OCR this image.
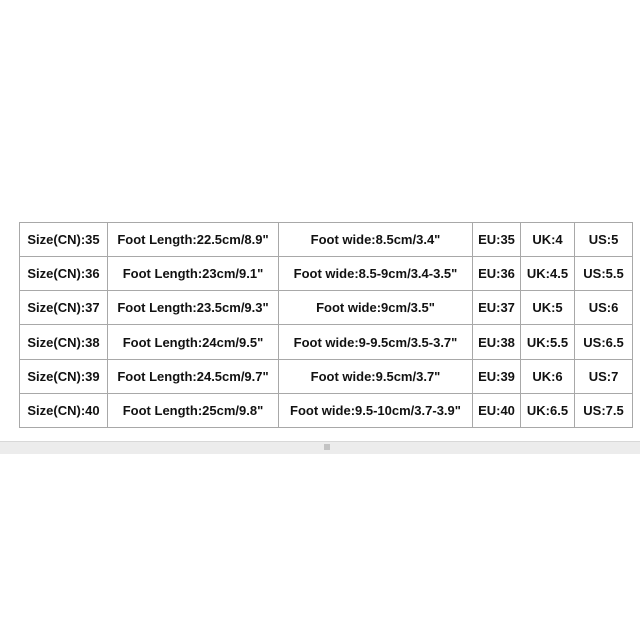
Size(CN):35	Foot Length:22.5cm/8.9"	Foot wide:8.5cm/3.4"	EU:35	UK:4	US:5
Size(CN):36	Foot Length:23cm/9.1"	Foot wide:8.5-9cm/3.4-3.5"	EU:36	UK:4.5	US:5.5
Size(CN):37	Foot Length:23.5cm/9.3"	Foot wide:9cm/3.5"	EU:37	UK:5	US:6
Size(CN):38	Foot Length:24cm/9.5"	Foot wide:9-9.5cm/3.5-3.7"	EU:38	UK:5.5	US:6.5
Size(CN):39	Foot Length:24.5cm/9.7"	Foot wide:9.5cm/3.7"	EU:39	UK:6	US:7
Size(CN):40	Foot Length:25cm/9.8"	Foot wide:9.5-10cm/3.7-3.9"	EU:40	UK:6.5	US:7.5
